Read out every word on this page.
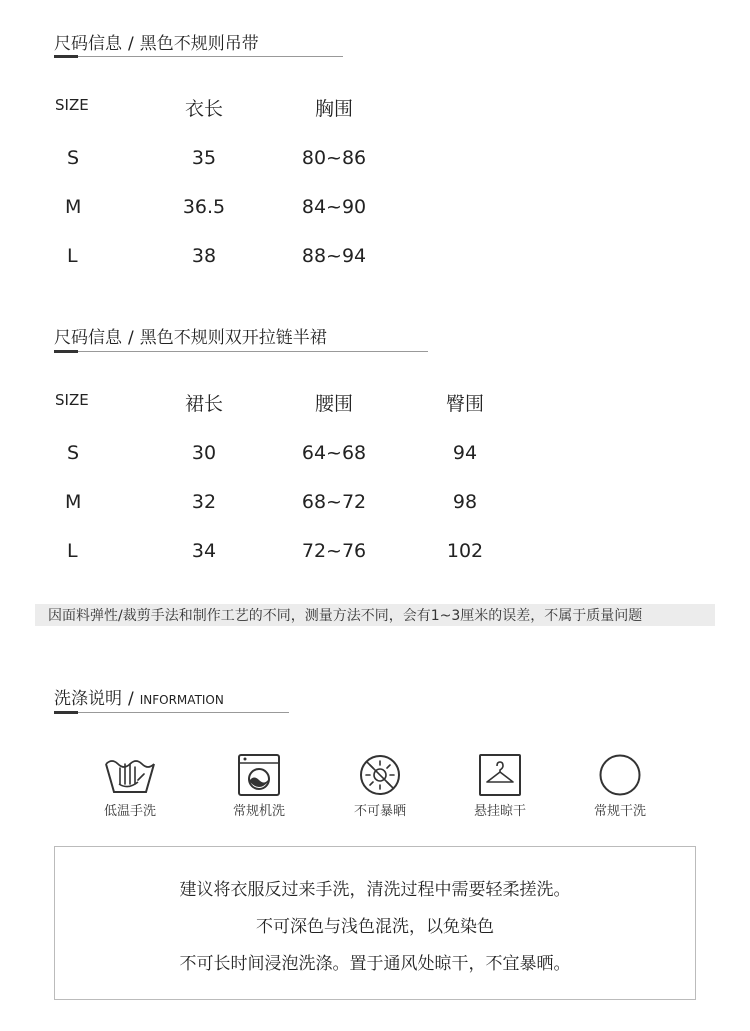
尺码信息 / 黑色不规则吊带
SIZE	衣长	胸围
S	35	80~86
M	36.5	84~90
L	38	88~94
尺码信息 / 黑色不规则双开拉链半裙
SIZE	裙长	腰围	臀围
S	30	64~68	94
M	32	68~72	98
L	34	72~76	102
因面料弹性/裁剪手法和制作工艺的不同，测量方法不同，会有1~3厘米的误差，不属于质量问题
洗涤说明 / INFORMATION
低温手洗	常规机洗	不可暴晒	悬挂晾干	常规干洗
建议将衣服反过来手洗，清洗过程中需要轻柔搓洗。
不可深色与浅色混洗，以免染色
不可长时间浸泡洗涤。置于通风处晾干，不宜暴晒。
